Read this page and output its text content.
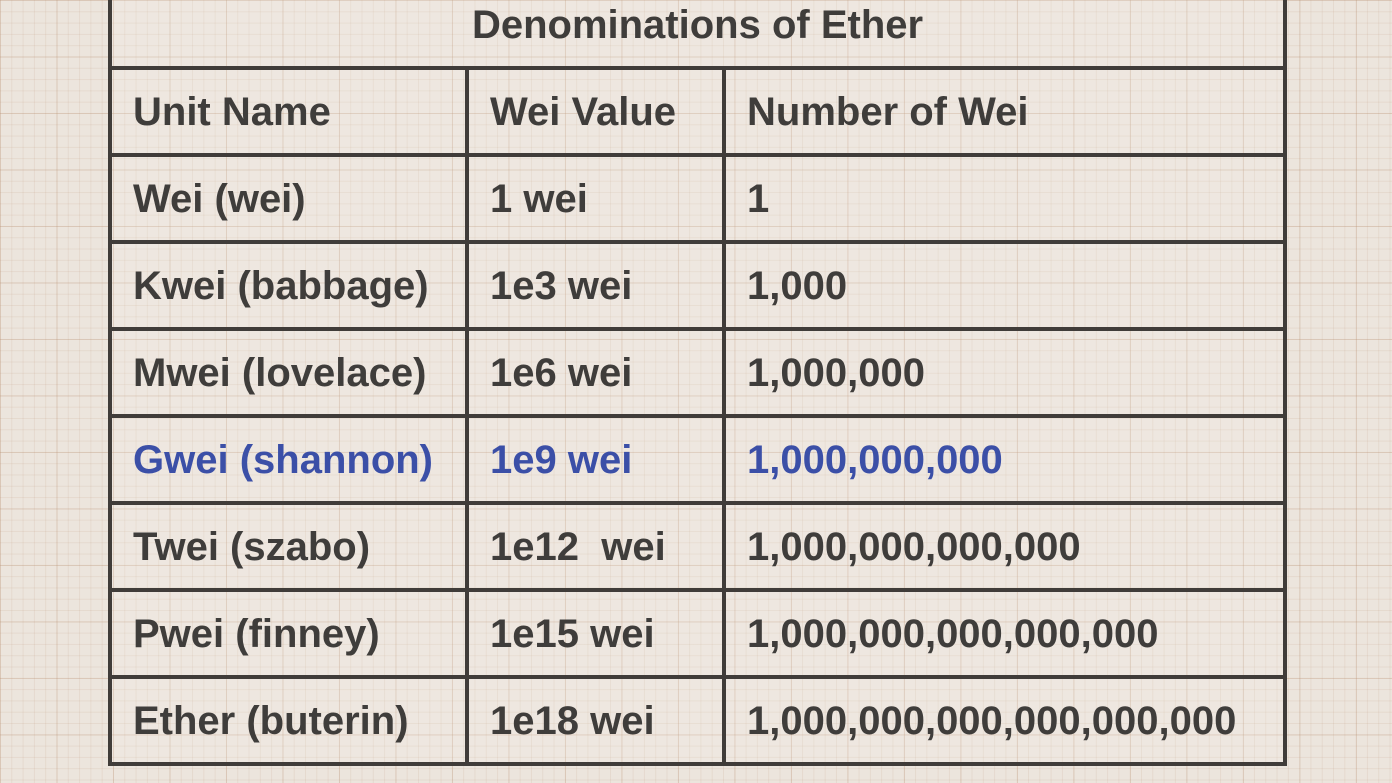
Denominations of Ether		
Unit Name	Wei Value	Number of Wei
Wei (wei)	1 wei	1
Kwei (babbage)	1e3 wei	1,000
Mwei (lovelace)	1e6 wei	1,000,000
Gwei (shannon)	1e9 wei	1,000,000,000
Twei (szabo)	1e12  wei	1,000,000,000,000
Pwei (finney)	1e15 wei	1,000,000,000,000,000
Ether (buterin)	1e18 wei	1,000,000,000,000,000,000
